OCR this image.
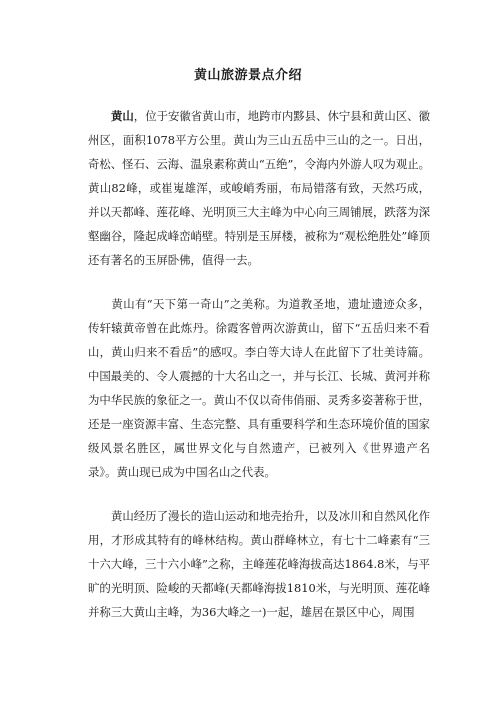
黄山旅游景点介绍

黄山，位于安徽省黄山市，地跨市内黟县、休宁县和黄山区、徽州区，面积1078平方公里。黄山为三山五岳中三山的之一。日出，奇松、怪石、云海、温泉素称黄山“五绝”，令海内外游人叹为观止。黄山82峰，或崔嵬雄浑，或峻峭秀丽，布局错落有致，天然巧成，并以天都峰、莲花峰、光明顶三大主峰为中心向三周铺展，跌落为深壑幽谷，隆起成峰峦峭壁。特别是玉屏楼，被称为“观松绝胜处”峰顶还有著名的玉屏卧佛，值得一去。

黄山有“天下第一奇山”之美称。为道教圣地，遗址遗迹众多，传轩辕黄帝曾在此炼丹。徐霞客曾两次游黄山，留下“五岳归来不看山，黄山归来不看岳”的感叹。李白等大诗人在此留下了壮美诗篇。中国最美的、令人震撼的十大名山之一，并与长江、长城、黄河并称为中华民族的象征之一。黄山不仅以奇伟俏丽、灵秀多姿著称于世，还是一座资源丰富、生态完整、具有重要科学和生态环境价值的国家级风景名胜区，属世界文化与自然遗产，已被列入《世界遗产名录》。黄山现已成为中国名山之代表。

黄山经历了漫长的造山运动和地壳抬升，以及冰川和自然风化作用，才形成其特有的峰林结构。黄山群峰林立，有七十二峰素有“三十六大峰，三十六小峰”之称，主峰莲花峰海拔高达1864.8米，与平旷的光明顶、险峻的天都峰(天都峰海拔1810米，与光明顶、莲花峰并称三大黄山主峰，为36大峰之一)一起，雄居在景区中心，周围
